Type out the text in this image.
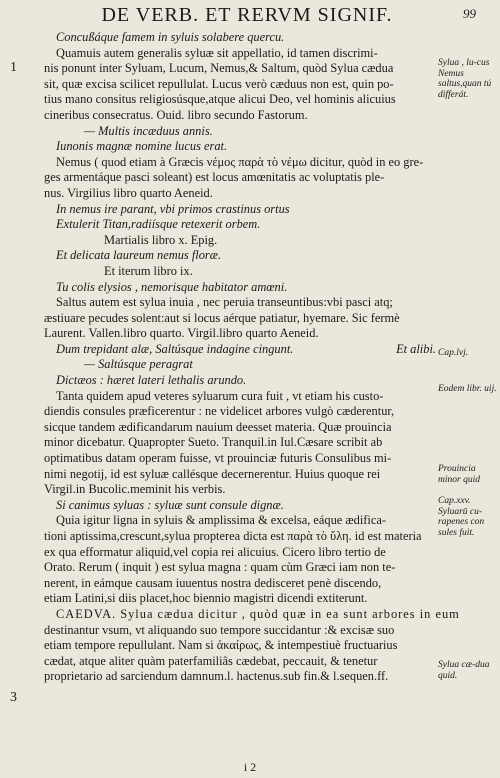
DE VERB. ET RERVM SIGNIF.	99
1
3
Concußáque famem in syluis solabere quercu.
Quamuis autem generalis syluæ sit appellatio, id tamen discrimi-
nis ponunt inter Syluam, Lucum, Nemus,& Saltum, quòd Sylua cædua
sit, quæ excisa scilicet repullulat. Lucus verò cæduus non est, quin po-
tius mano consitus religiosúsque,atque alicui Deo, vel hominis alicuius
cineribus consecratus. Ouid. libro secundo Fastorum.
— Multis incæduus annis.
Iunonis magnæ nomine lucus erat.
Nemus ( quod etiam à Græcis νέμος παρὰ τὸ νέμω dicitur, quòd in eo gre-
ges armentáque pasci soleant) est locus amœnitatis ac voluptatis ple-
nus. Virgilius libro quarto Aeneid.
In nemus ire parant, vbi primos crastinus ortus
Extulerit Titan,radiísque retexerit orbem.
Martialis libro x. Epig.
Et delicata laureum nemus floræ.
Et iterum libro ix.
Tu colis elysios , nemorisque habitator amœni.
Saltus autem est sylua inuia , nec peruia transeuntibus:vbi pasci atq;
æstiuare pecudes solent:aut si locus aérque patiatur, hyemare. Sic fermè
Laurent. Vallen.libro quarto. Virgil.libro quarto Aeneid.
Et alibi.
Dum trepidant alæ, Saltúsque indagine cingunt.
— Saltúsque peragrat
Dictæos : hæret lateri lethalis arundo.
Tanta quidem apud veteres syluarum cura fuit , vt etiam his custo-
diendis consules præficerentur : ne videlicet arbores vulgò cæderentur,
sicque tandem ædificandarum nauium deesset materia. Quæ prouincia
minor dicebatur. Quapropter Sueto. Tranquil.in Iul.Cæsare scribit ab
optimatibus datam operam fuisse, vt prouinciæ futuris Consulibus mi-
nimi negotij, id est syluæ callésque decernerentur. Huius quoque rei
Virgil.in Bucolic.meminit his verbis.
Si canimus syluas : syluæ sunt consule dignæ.
Quia igitur ligna in syluis & amplissima & excelsa, eáque ædifica-
tioni aptissima,crescunt,sylua propterea dicta est παρὰ τὸ ὕλη. id est materia
ex qua efformatur aliquid,vel copia rei alicuius. Cicero libro tertio de
Orato. Rerum ( inquit ) est sylua magna : quam cùm Græci iam non te-
nerent, in eámque causam iuuentus nostra dedisceret penè discendo,
etiam Latini,si diis placet,hoc biennio magistri dicendi extiterunt.
CAEDVA. Sylua cædua dicitur , quòd quæ in ea sunt arbores in eum
destinantur vsum, vt aliquando suo tempore succidantur :& excisæ suo
etiam tempore repullulant. Nam si ἀκαίρως, & intempestiuè fructuarius
cædat, atque aliter quàm paterfamiliâs cædebat, peccauit, & tenetur
proprietario ad sarciendum damnum.l. hactenus.sub fin.& l.sequen.ff.
Sylua , lu-cus Nemus saltus,quan tú differát.
Cap.lvj.
Eodem libr. uij.
Prouincia minor quid
Cap.xxv. Syluarū cu-rapenes con sules fuit.
Sylua cæ-dua quid.
i 2
